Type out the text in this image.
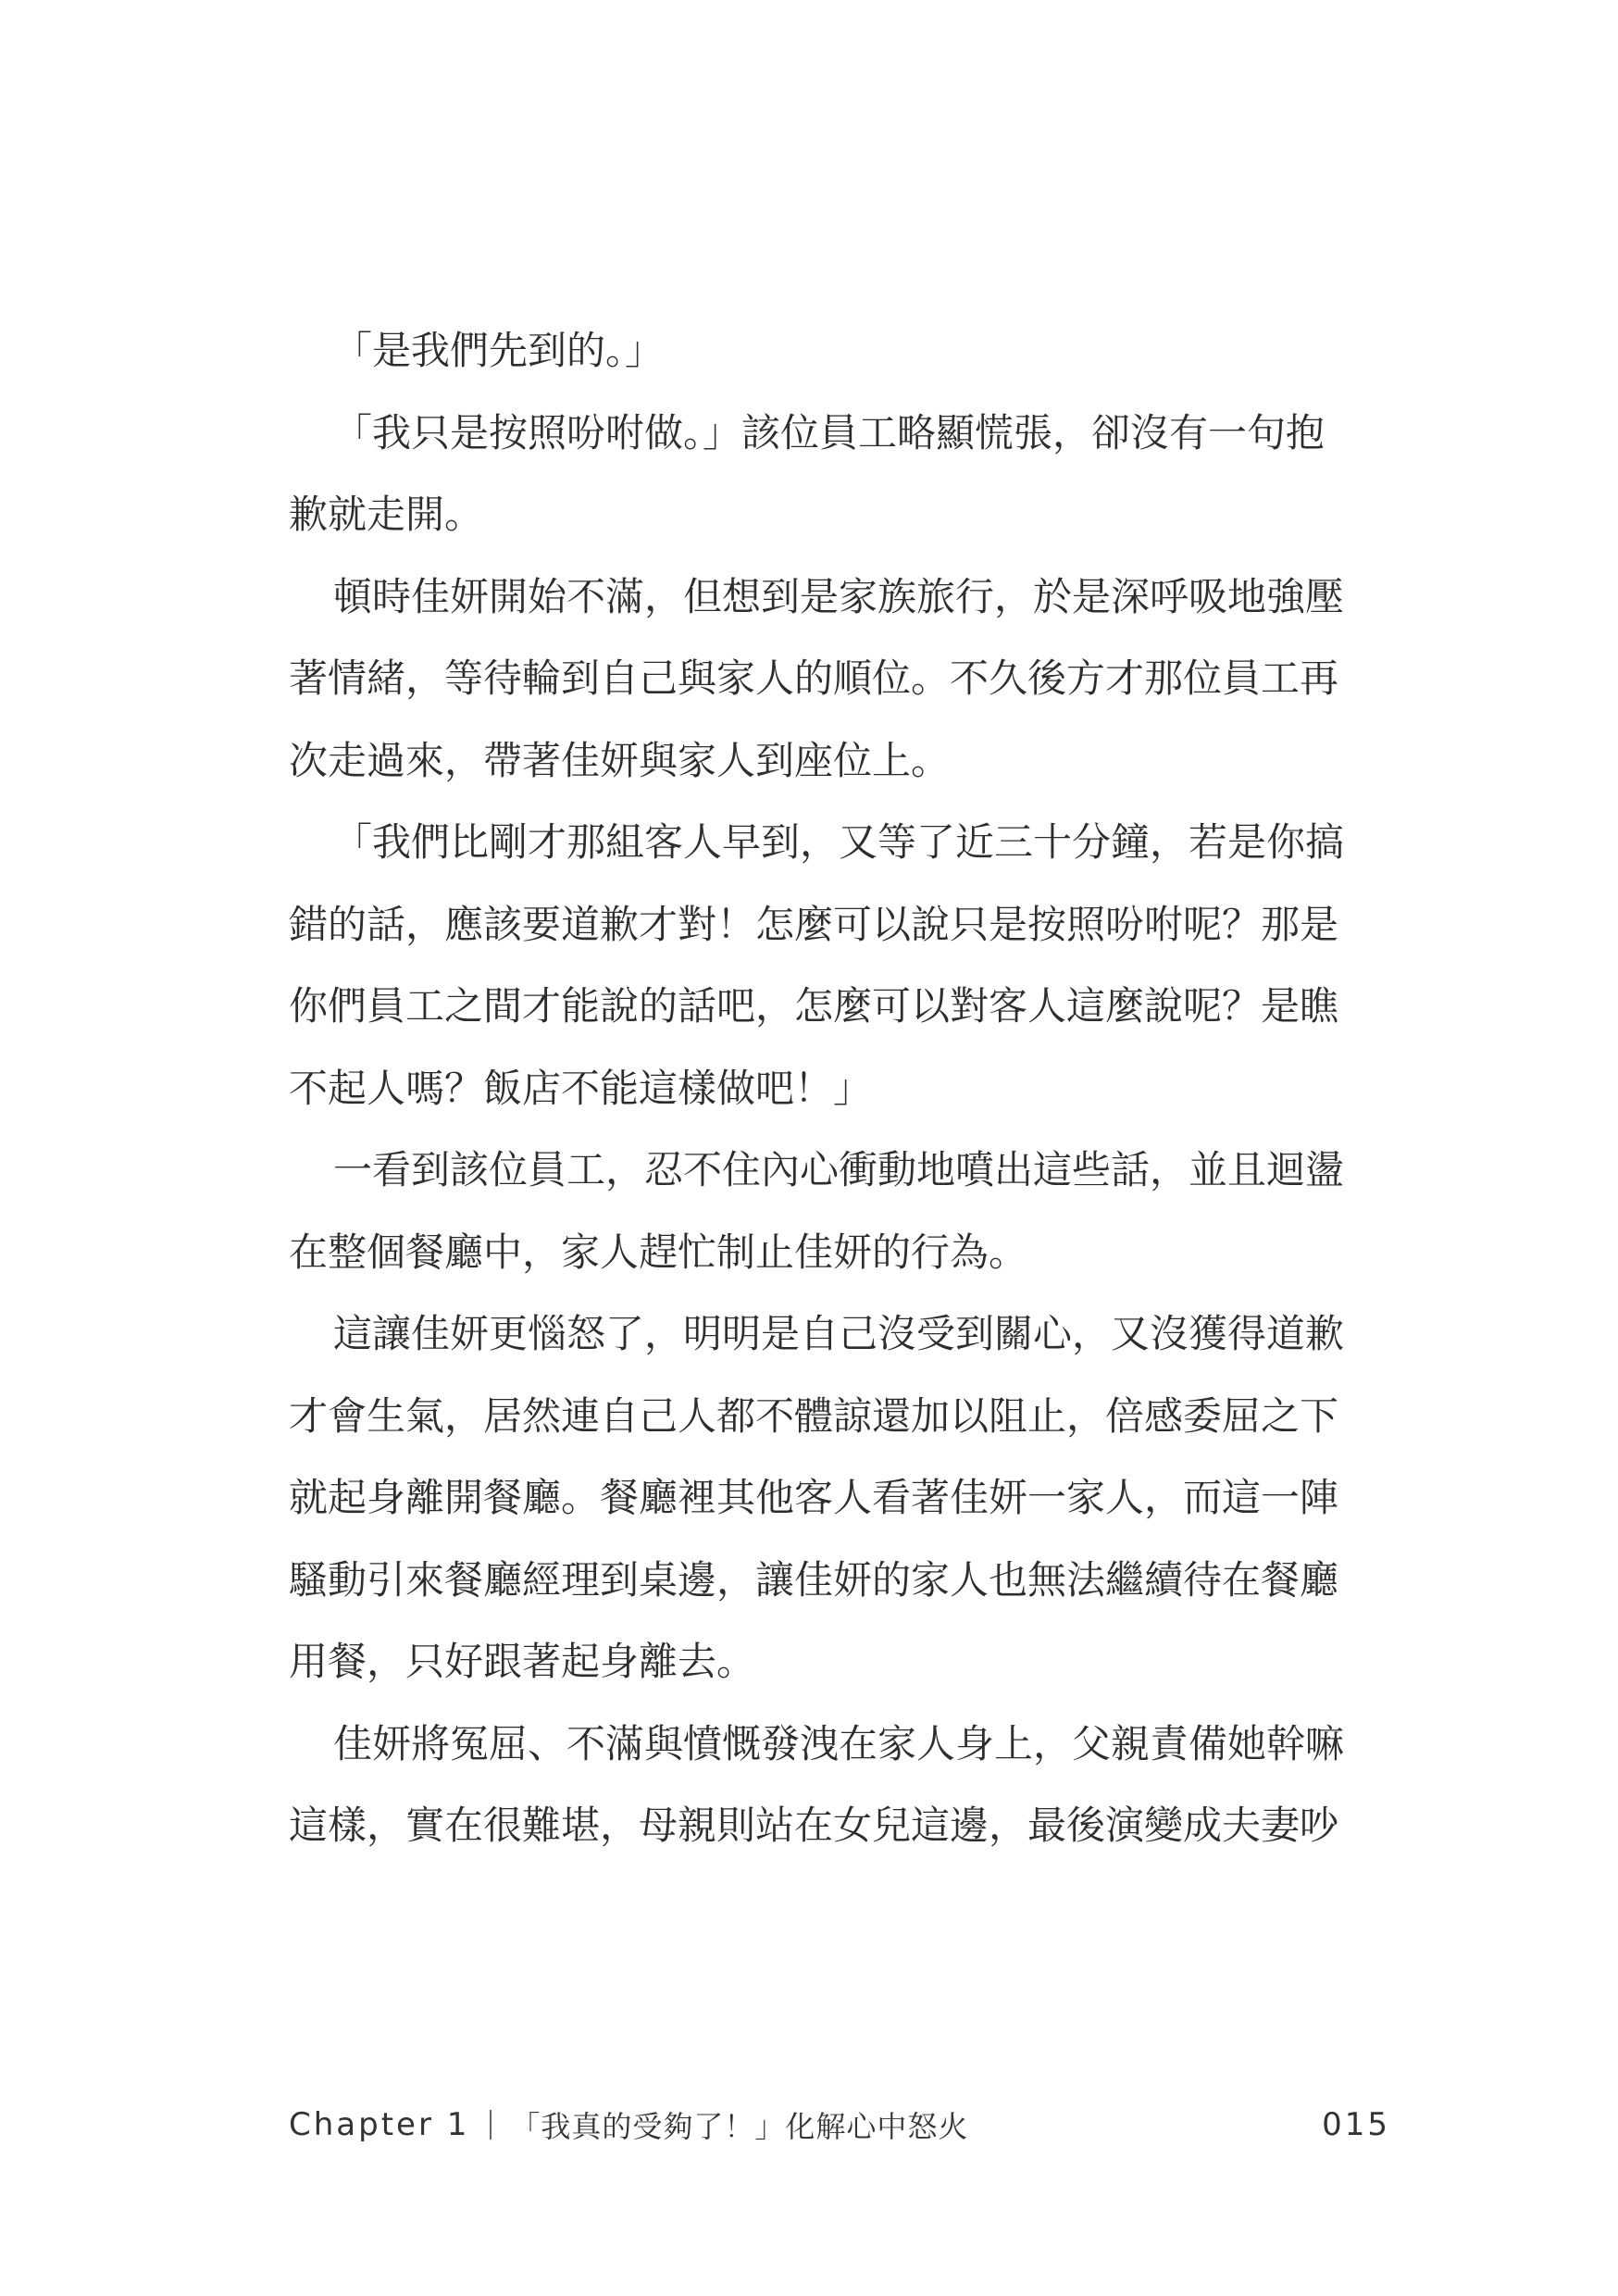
「是我們先到的。」
「我只是按照吩咐做。」該位員工略顯慌張，卻沒有一句抱
歉就走開。
頓時佳妍開始不滿，但想到是家族旅行，於是深呼吸地強壓
著情緒，等待輪到自己與家人的順位。不久後方才那位員工再
次走過來，帶著佳妍與家人到座位上。
「我們比剛才那組客人早到，又等了近三十分鐘，若是你搞
錯的話，應該要道歉才對！怎麼可以說只是按照吩咐呢？那是
你們員工之間才能說的話吧，怎麼可以對客人這麼說呢？是瞧
不起人嗎？飯店不能這樣做吧！」
一看到該位員工，忍不住內心衝動地噴出這些話，並且迴盪
在整個餐廳中，家人趕忙制止佳妍的行為。
這讓佳妍更惱怒了，明明是自己沒受到關心，又沒獲得道歉
才會生氣，居然連自己人都不體諒還加以阻止，倍感委屈之下
就起身離開餐廳。餐廳裡其他客人看著佳妍一家人，而這一陣
騷動引來餐廳經理到桌邊，讓佳妍的家人也無法繼續待在餐廳
用餐，只好跟著起身離去。
佳妍將冤屈、不滿與憤慨發洩在家人身上，父親責備她幹嘛
這樣，實在很難堪，母親則站在女兒這邊，最後演變成夫妻吵
Chapter 1 「我真的受夠了！」化解心中怒火	015
